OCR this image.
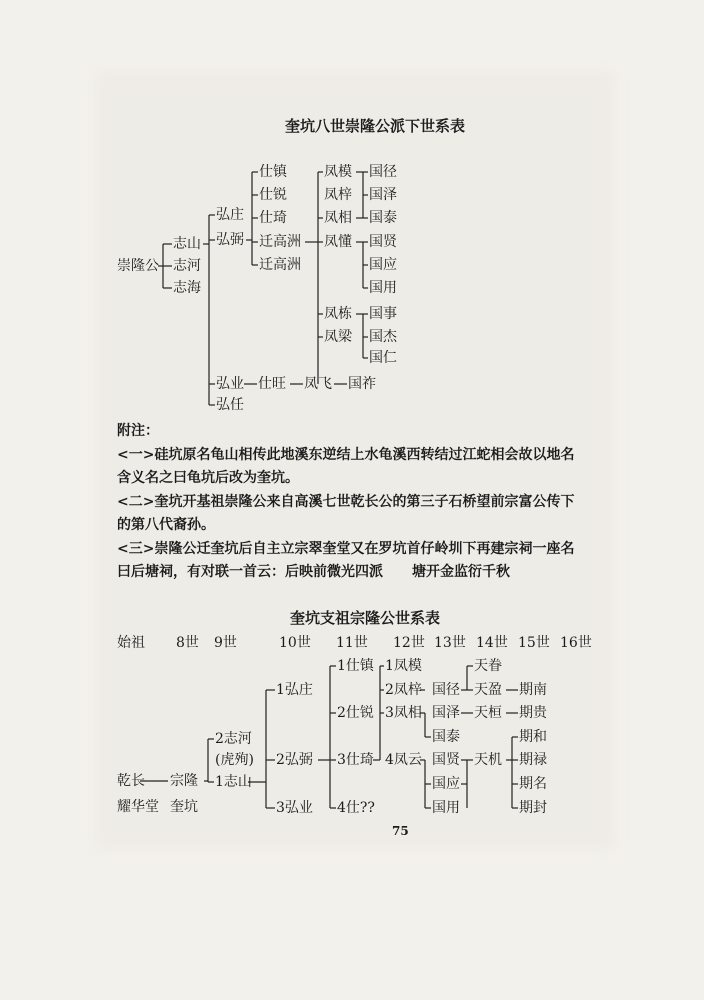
奎坑八世崇隆公派下世系表
崇隆公
志山
志河
志海
弘庄
弘弼
弘业
弘任
仕镇
仕锐
仕琦
迁高洲
迁高洲
凤模
凤梓
凤相
凤懂
凤栋
凤梁
国径
国泽
国泰
国贤
国应
国用
国事
国杰
国仁
仕旺 凤飞 国祚
附注：
<一>硅坑原名龟山相传此地溪东逆结上水龟溪西转结过江蛇相会故以地名
含义名之曰龟坑后改为奎坑。
<二>奎坑开基祖崇隆公来自高溪七世乾长公的第三子石桥望前宗富公传下
的第八代裔孙。
<三>崇隆公迁奎坑后自主立宗翠奎堂又在罗坑首仔岭圳下再建宗祠一座名
曰后塘祠，有对联一首云：后映前微光四派 塘开金监衍千秋
奎坑支祖宗隆公世系表
始祖 8世 9世	10世 11世 12世 13世 14世 15世 16世
乾长
耀华堂
宗隆
奎坑
2志河
(虎殉)
1志山
1弘庄
2弘弼
3弘业
1仕镇
2仕锐
3仕琦
4仕??
1凤模
2凤梓
3凤相
4凤云
国径
国泽
国泰
国贤
国应
国用
天眷
天盈
天桓
天机
期南
期贵
期和
期禄
期名
期封
75
